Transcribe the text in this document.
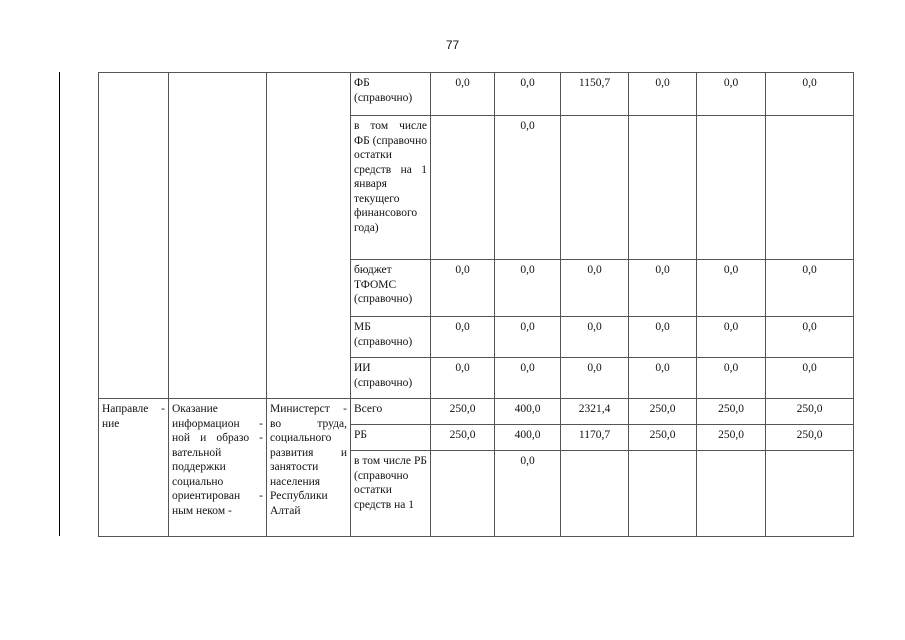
77
			ФБ (справочно)	0,0	0,0	1150,7	0,0	0,0	0,0
			в том числе ФБ (справочно остатки средств на 1 января текущего финансового года)		0,0				
			бюджет ТФОМС (справочно)	0,0	0,0	0,0	0,0	0,0	0,0
			МБ (справочно)	0,0	0,0	0,0	0,0	0,0	0,0
			ИИ (справочно)	0,0	0,0	0,0	0,0	0,0	0,0
Направле - ние	Оказание информацион - ной и образо - вательной поддержки социально ориентирован - ным неком -	Министерст - во труда, социального развития и занятости населения Республики Алтай	Всего	250,0	400,0	2321,4	250,0	250,0	250,0
			РБ	250,0	400,0	1170,7	250,0	250,0	250,0
			в том числе РБ (справочно остатки средств на 1		0,0				
